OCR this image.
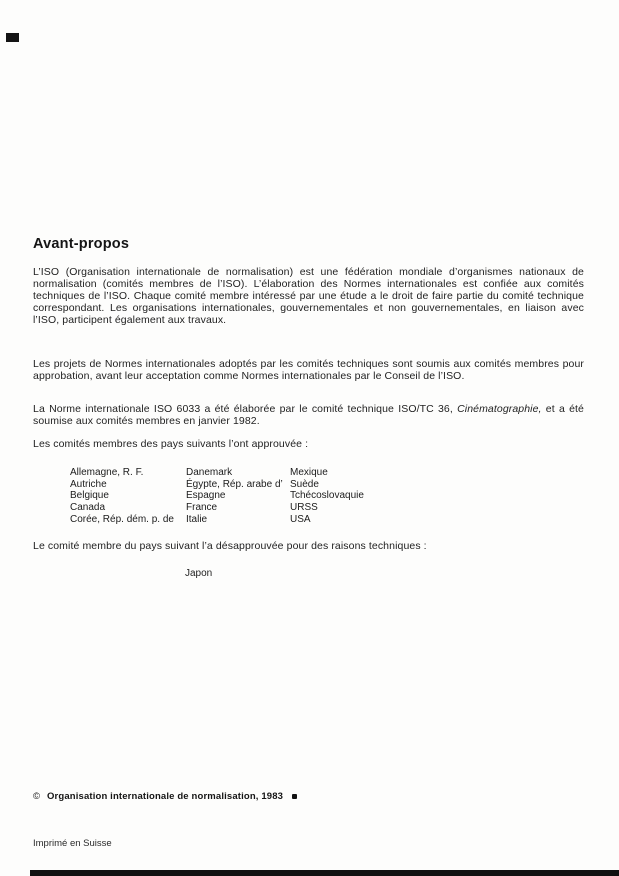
Avant-propos

L’ISO (Organisation internationale de normalisation) est une fédération mondiale d’organismes nationaux de normalisation (comités membres de l’ISO). L’élaboration des Normes internationales est confiée aux comités techniques de l’ISO. Chaque comité membre intéressé par une étude a le droit de faire partie du comité technique correspondant. Les organisations internationales, gouvernementales et non gouvernementales, en liaison avec l’ISO, participent également aux travaux.

Les projets de Normes internationales adoptés par les comités techniques sont soumis aux comités membres pour approbation, avant leur acceptation comme Normes internationales par le Conseil de l’ISO.

La Norme internationale ISO 6033 a été élaborée par le comité technique ISO/TC 36, Cinématographie, et a été soumise aux comités membres en janvier 1982.

Les comités membres des pays suivants l’ont approuvée :

Allemagne, R. F.
Autriche
Belgique
Canada
Corée, Rép. dém. p. de
Danemark
Égypte, Rép. arabe d’
Espagne
France
Italie
Mexique
Suède
Tchécoslovaquie
URSS
USA

Le comité membre du pays suivant l’a désapprouvée pour des raisons techniques :

Japon

© Organisation internationale de normalisation, 1983

Imprimé en Suisse
